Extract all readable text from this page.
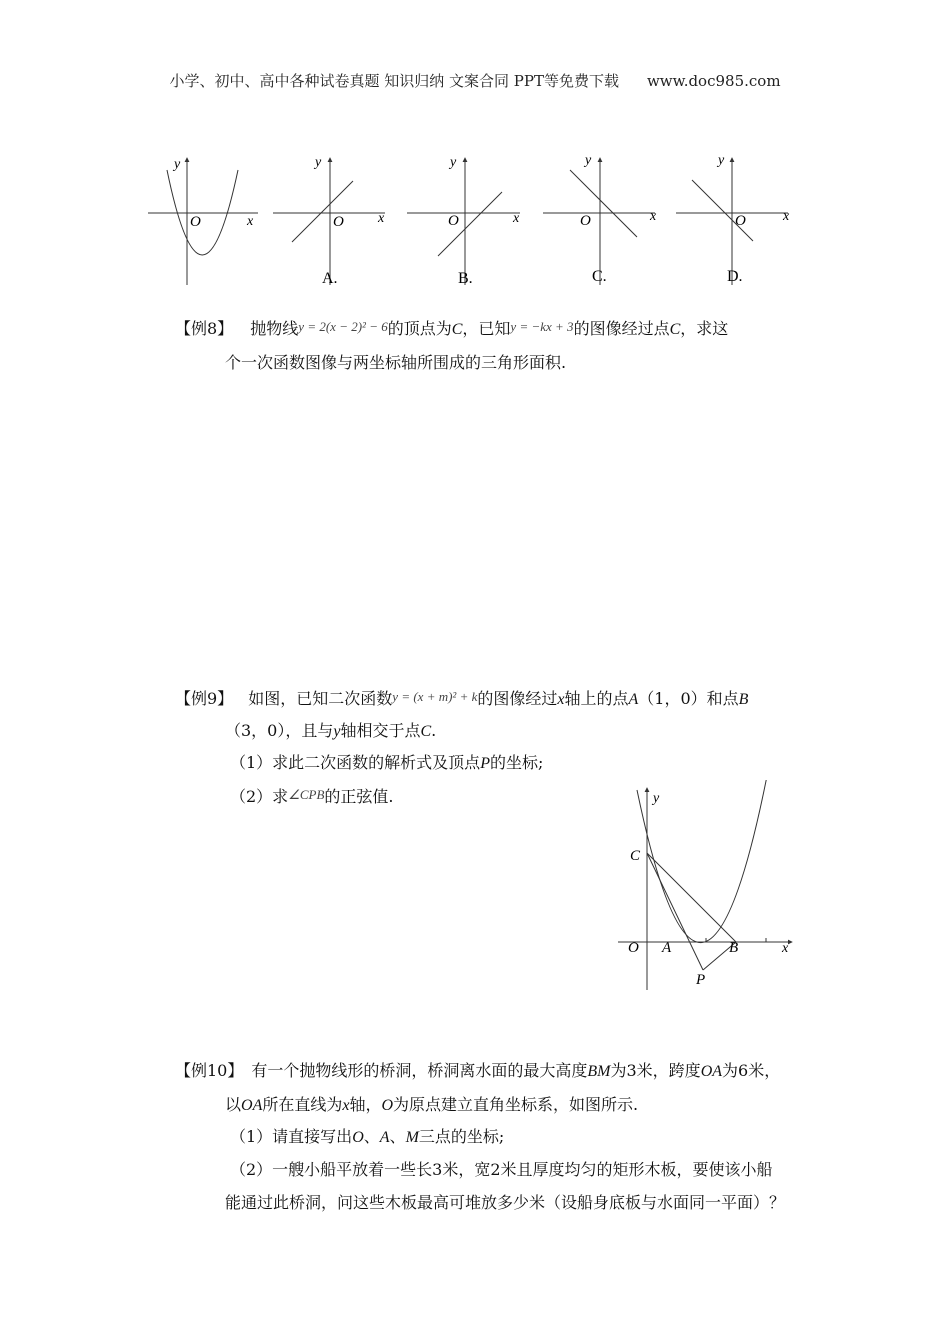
小学、初中、高中各种试卷真题 知识归纳 文案合同 PPT等免费下载 www.doc985.com
y
O	x
y
O x
A.
y
O	x
B.
y
O	x
C.
y
O	x
D.
【例8】 抛物线y = 2(x − 2)² − 6的顶点为C，已知y = −kx + 3的图像经过点C，求这
个一次函数图像与两坐标轴所围成的三角形面积.
【例9】 如图，已知二次函数y = (x + m)² + k的图像经过x轴上的点A（1，0）和点B
（3，0），且与y轴相交于点C.
（1）求此二次函数的解析式及顶点P的坐标;
（2）求∠CPB的正弦值.	y
C
O A	B	x
P
【例10】 有一个抛物线形的桥洞，桥洞离水面的最大高度BM为3米，跨度OA为6米，
以OA所在直线为x轴，O为原点建立直角坐标系，如图所示.
（1）请直接写出O、A、M三点的坐标;
（2）一艘小船平放着一些长3米，宽2米且厚度均匀的矩形木板，要使该小船
能通过此桥洞，问这些木板最高可堆放多少米（设船身底板与水面同一平面）？
